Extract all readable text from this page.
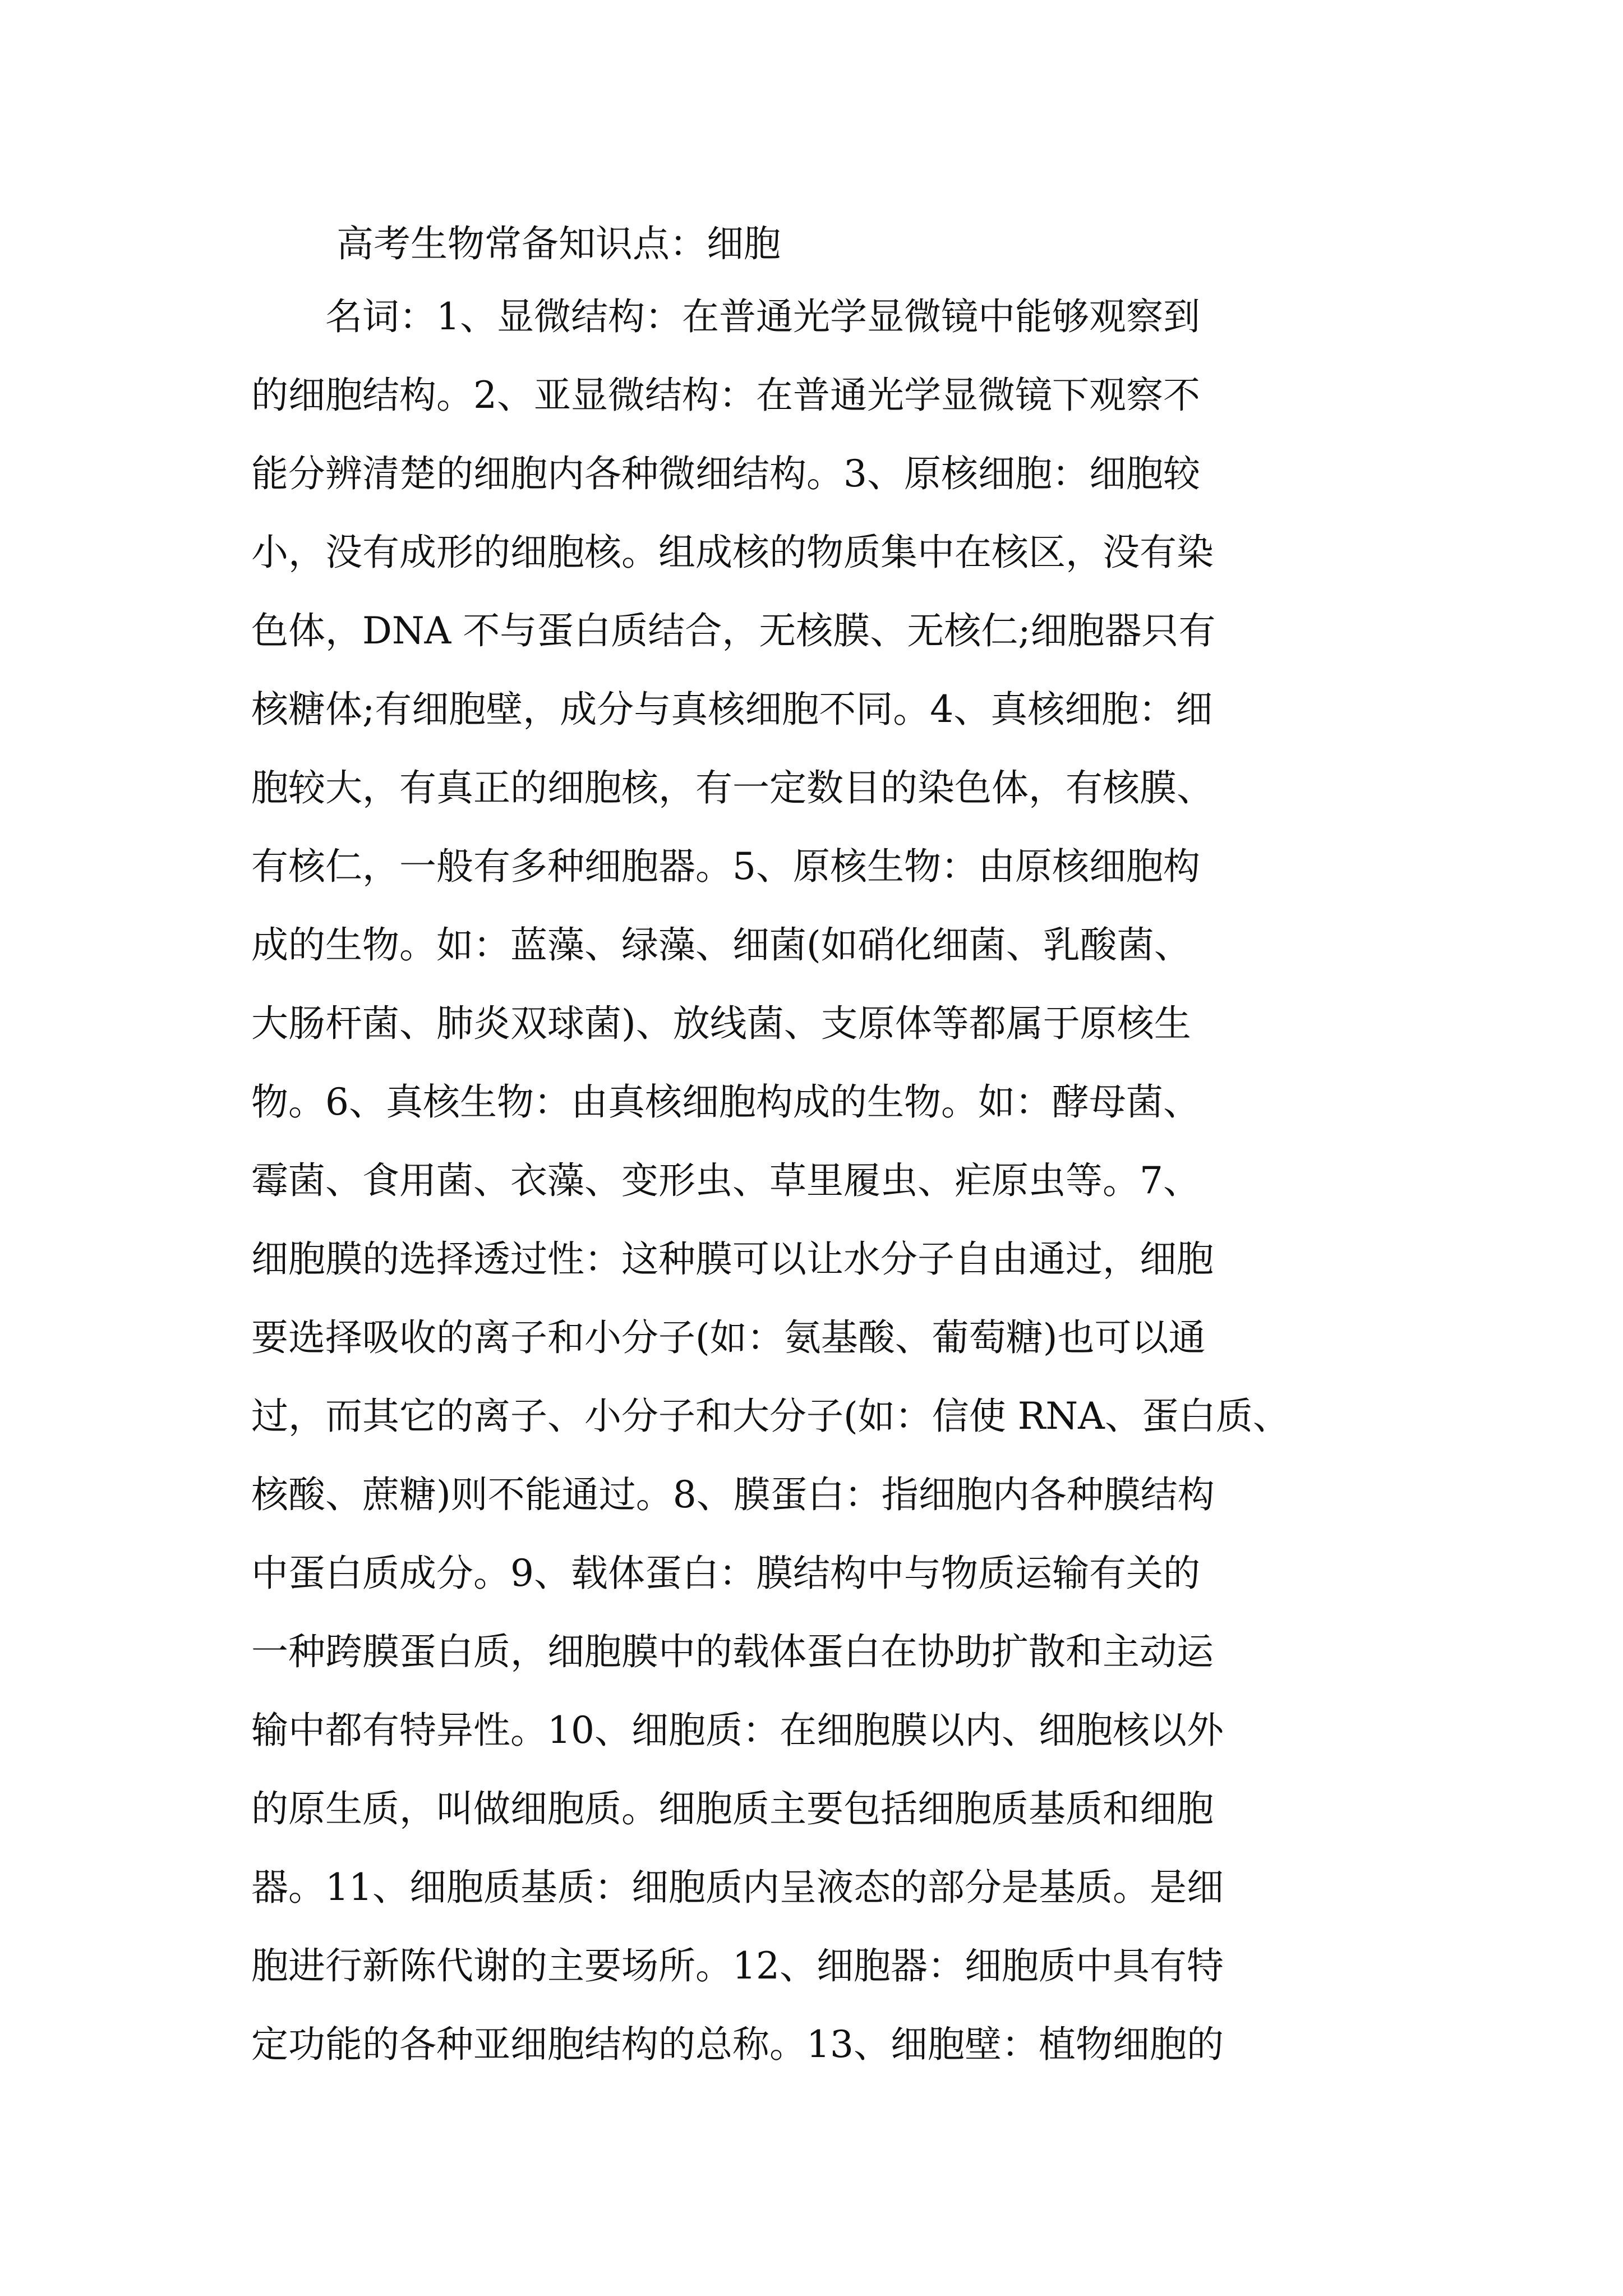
高考生物常备知识点：细胞
　　名词：1、显微结构：在普通光学显微镜中能够观察到
的细胞结构。2、亚显微结构：在普通光学显微镜下观察不
能分辨清楚的细胞内各种微细结构。3、原核细胞：细胞较
小，没有成形的细胞核。组成核的物质集中在核区，没有染
色体，DNA 不与蛋白质结合，无核膜、无核仁;细胞器只有
核糖体;有细胞壁，成分与真核细胞不同。4、真核细胞：细
胞较大，有真正的细胞核，有一定数目的染色体，有核膜、
有核仁，一般有多种细胞器。5、原核生物：由原核细胞构
成的生物。如：蓝藻、绿藻、细菌(如硝化细菌、乳酸菌、
大肠杆菌、肺炎双球菌)、放线菌、支原体等都属于原核生
物。6、真核生物：由真核细胞构成的生物。如：酵母菌、
霉菌、食用菌、衣藻、变形虫、草里履虫、疟原虫等。7、
细胞膜的选择透过性：这种膜可以让水分子自由通过，细胞
要选择吸收的离子和小分子(如：氨基酸、葡萄糖)也可以通
过，而其它的离子、小分子和大分子(如：信使 RNA、蛋白质、
核酸、蔗糖)则不能通过。8、膜蛋白：指细胞内各种膜结构
中蛋白质成分。9、载体蛋白：膜结构中与物质运输有关的
一种跨膜蛋白质，细胞膜中的载体蛋白在协助扩散和主动运
输中都有特异性。10、细胞质：在细胞膜以内、细胞核以外
的原生质，叫做细胞质。细胞质主要包括细胞质基质和细胞
器。11、细胞质基质：细胞质内呈液态的部分是基质。是细
胞进行新陈代谢的主要场所。12、细胞器：细胞质中具有特
定功能的各种亚细胞结构的总称。13、细胞壁：植物细胞的
